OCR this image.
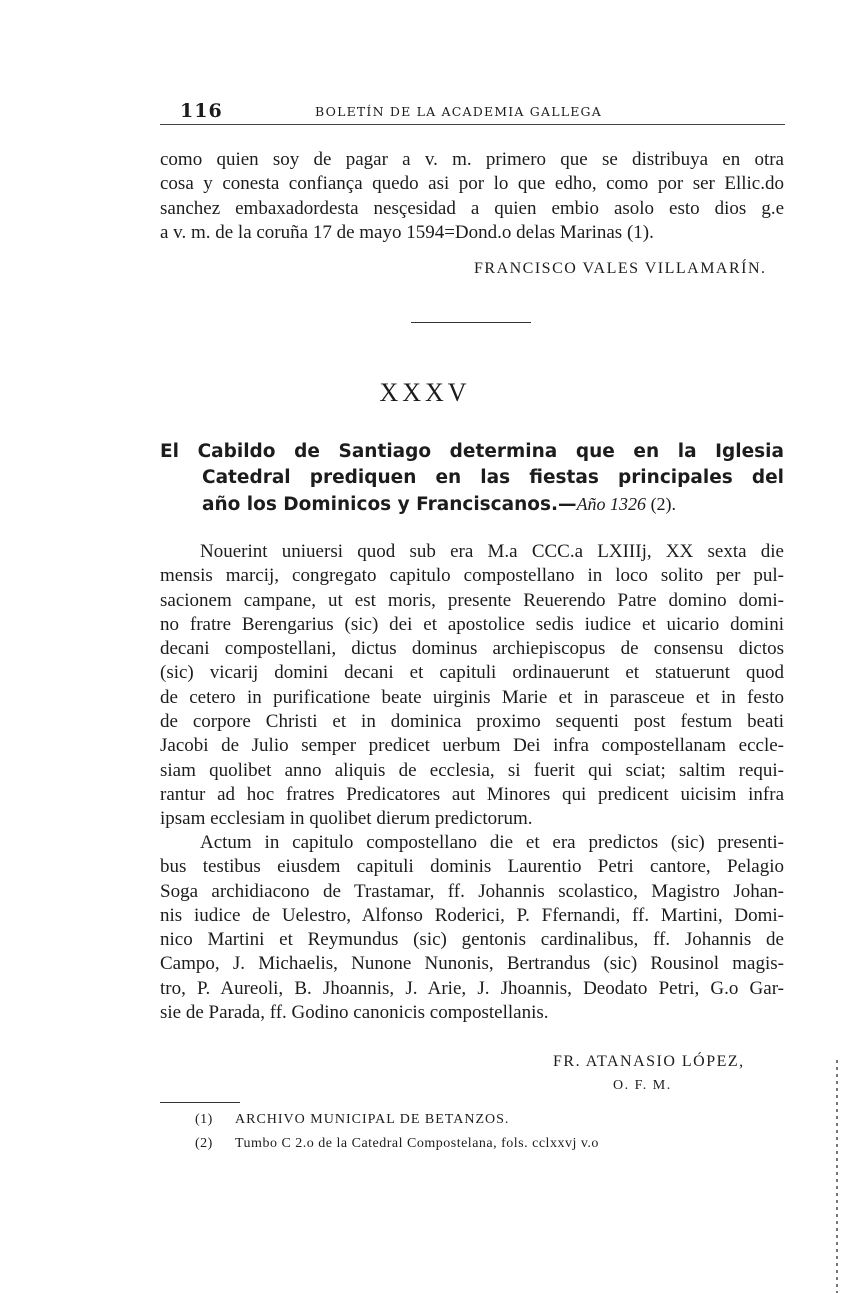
116	BOLETÍN DE LA ACADEMIA GALLEGA
como quien soy de pagar a v. m. primero que se distribuya en otra
cosa y conesta confiança quedo asi por lo que edho, como por ser Ellic.do
sanchez embaxadordesta nesçesidad a quien embio asolo esto dios g.e
a v. m. de la coruña 17 de mayo 1594=Dond.o delas Marinas (1).
FRANCISCO VALES VILLAMARÍN.
XXXV
El Cabildo de Santiago determina que en la Iglesia
Catedral prediquen en las fiestas principales del
año los Dominicos y Franciscanos.—Año 1326 (2).
Nouerint uniuersi quod sub era M.a CCC.a LXIIIj, XX sexta die
mensis marcij, congregato capitulo compostellano in loco solito per pul-
sacionem campane, ut est moris, presente Reuerendo Patre domino domi-
no fratre Berengarius (sic) dei et apostolice sedis iudice et uicario domini
decani compostellani, dictus dominus archiepiscopus de consensu dictos
(sic) vicarij domini decani et capituli ordinauerunt et statuerunt quod
de cetero in purificatione beate uirginis Marie et in parasceue et in festo
de corpore Christi et in dominica proximo sequenti post festum beati
Jacobi de Julio semper predicet uerbum Dei infra compostellanam eccle-
siam quolibet anno aliquis de ecclesia, si fuerit qui sciat; saltim requi-
rantur ad hoc fratres Predicatores aut Minores qui predicent uicisim infra
ipsam ecclesiam in quolibet dierum predictorum.
Actum in capitulo compostellano die et era predictos (sic) presenti-
bus testibus eiusdem capituli dominis Laurentio Petri cantore, Pelagio
Soga archidiacono de Trastamar, ff. Johannis scolastico, Magistro Johan-
nis iudice de Uelestro, Alfonso Roderici, P. Ffernandi, ff. Martini, Domi-
nico Martini et Reymundus (sic) gentonis cardinalibus, ff. Johannis de
Campo, J. Michaelis, Nunone Nunonis, Bertrandus (sic) Rousinol magis-
tro, P. Aureoli, B. Jhoannis, J. Arie, J. Jhoannis, Deodato Petri, G.o Gar-
sie de Parada, ff. Godino canonicis compostellanis.
FR. ATANASIO LÓPEZ,
O. F. M.
(1) ARCHIVO MUNICIPAL DE BETANZOS.
(2) Tumbo C 2.o de la Catedral Compostelana, fols. cclxxvj v.o
